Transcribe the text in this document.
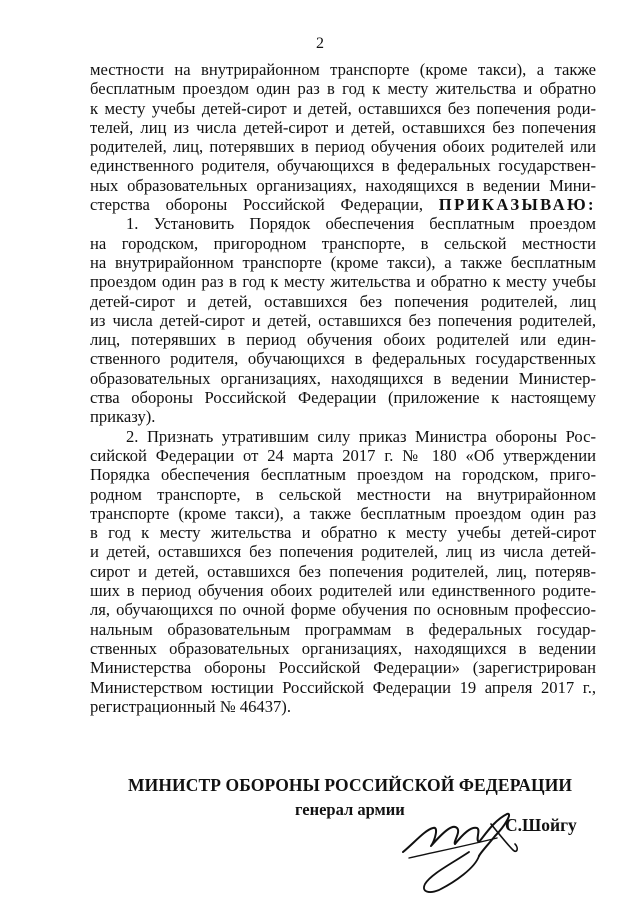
2

местности на внутрирайонном транспорте (кроме такси), а также

бесплатным проездом один раз в год к месту жительства и обратно

к месту учебы детей-сирот и детей, оставшихся без попечения роди-

телей, лиц из числа детей-сирот и детей, оставшихся без попечения

родителей, лиц, потерявших в период обучения обоих родителей или

единственного родителя, обучающихся в федеральных государствен-

ных образовательных организациях, находящихся в ведении Мини-

стерства обороны Российской Федерации, ПРИКАЗЫВАЮ:

1. Установить Порядок обеспечения бесплатным проездом

на городском, пригородном транспорте, в сельской местности

на внутрирайонном транспорте (кроме такси), а также бесплатным

проездом один раз в год к месту жительства и обратно к месту учебы

детей-сирот и детей, оставшихся без попечения родителей, лиц

из числа детей-сирот и детей, оставшихся без попечения родителей,

лиц, потерявших в период обучения обоих родителей или един-

ственного родителя, обучающихся в федеральных государственных

образовательных организациях, находящихся в ведении Министер-

ства обороны Российской Федерации (приложение к настоящему

приказу).

2. Признать утратившим силу приказ Министра обороны Рос-

сийской Федерации от 24 марта 2017 г. № 180 «Об утверждении

Порядка обеспечения бесплатным проездом на городском, приго-

родном транспорте, в сельской местности на внутрирайонном

транспорте (кроме такси), а также бесплатным проездом один раз

в год к месту жительства и обратно к месту учебы детей-сирот

и детей, оставшихся без попечения родителей, лиц из числа детей-

сирот и детей, оставшихся без попечения родителей, лиц, потеряв-

ших в период обучения обоих родителей или единственного родите-

ля, обучающихся по очной форме обучения по основным профессио-

нальным образовательным программам в федеральных государ-

ственных образовательных организациях, находящихся в ведении

Министерства обороны Российской Федерации» (зарегистрирован

Министерством юстиции Российской Федерации 19 апреля 2017 г.,

регистрационный № 46437).

МИНИСТР ОБОРОНЫ РОССИЙСКОЙ ФЕДЕРАЦИИ
генерал армии
С.Шойгу
